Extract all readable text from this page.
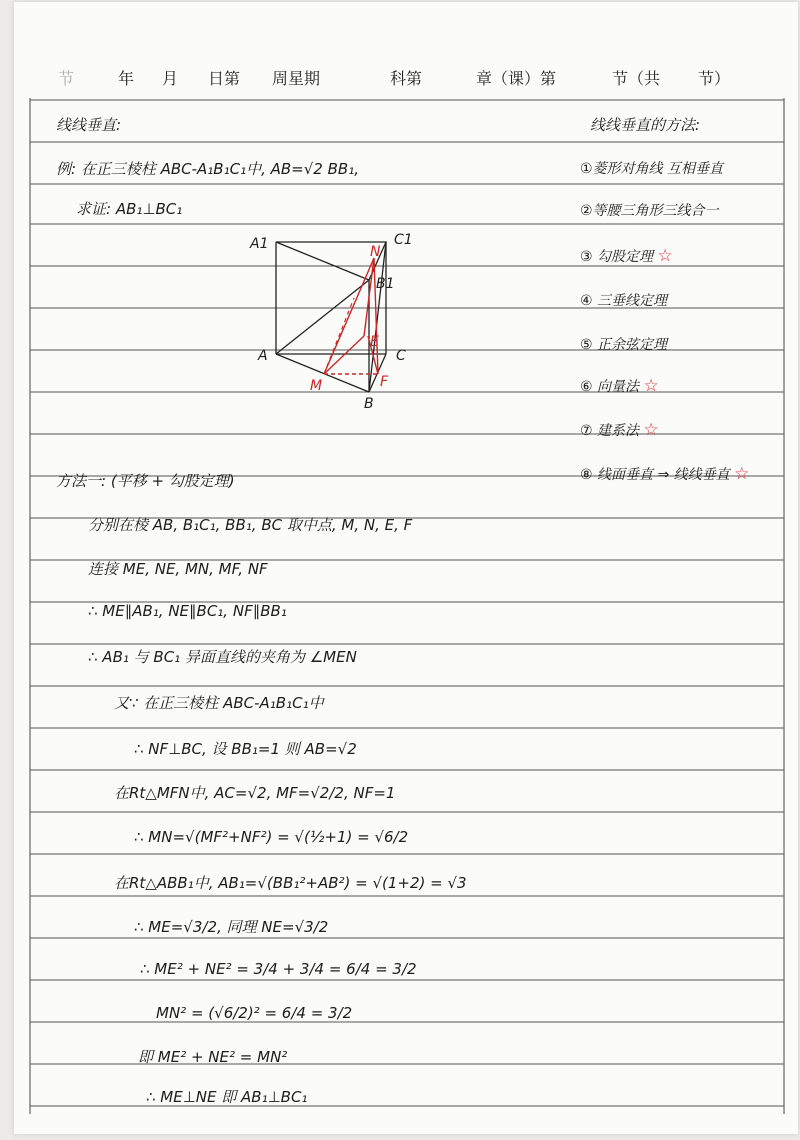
节	年 月 日第 周星期	科第	章（课）第	节（共 节）
线线垂直:
例: 在正三棱柱 ABC-A₁B₁C₁中, AB=√2 BB₁,
求证: AB₁⊥BC₁
线线垂直的方法:
①菱形对角线 互相垂直
②等腰三角形三线合一
③ 勾股定理 ☆
④ 三垂线定理
⑤ 正余弦定理
⑥ 向量法 ☆
⑦ 建系法 ☆
⑧ 线面垂直 ⇒ 线线垂直 ☆
A1	C1
N
B1
E
A	C
M	F
B
方法一: (平移 + 勾股定理)
分别在棱 AB, B₁C₁, BB₁, BC 取中点, M, N, E, F
连接 ME, NE, MN, MF, NF
∴ ME∥AB₁, NE∥BC₁, NF∥BB₁
∴ AB₁ 与 BC₁ 异面直线的夹角为 ∠MEN
又∵ 在正三棱柱 ABC-A₁B₁C₁中
∴ NF⊥BC, 设 BB₁=1 则 AB=√2
在Rt△MFN中, AC=√2, MF=√2/2, NF=1
∴ MN=√(MF²+NF²) = √(½+1) = √6/2
在Rt△ABB₁中, AB₁=√(BB₁²+AB²) = √(1+2) = √3
∴ ME=√3/2, 同理 NE=√3/2
∴ ME² + NE² = 3/4 + 3/4 = 6/4 = 3/2
MN² = (√6/2)² = 6/4 = 3/2
即 ME² + NE² = MN²
∴ ME⊥NE 即 AB₁⊥BC₁
